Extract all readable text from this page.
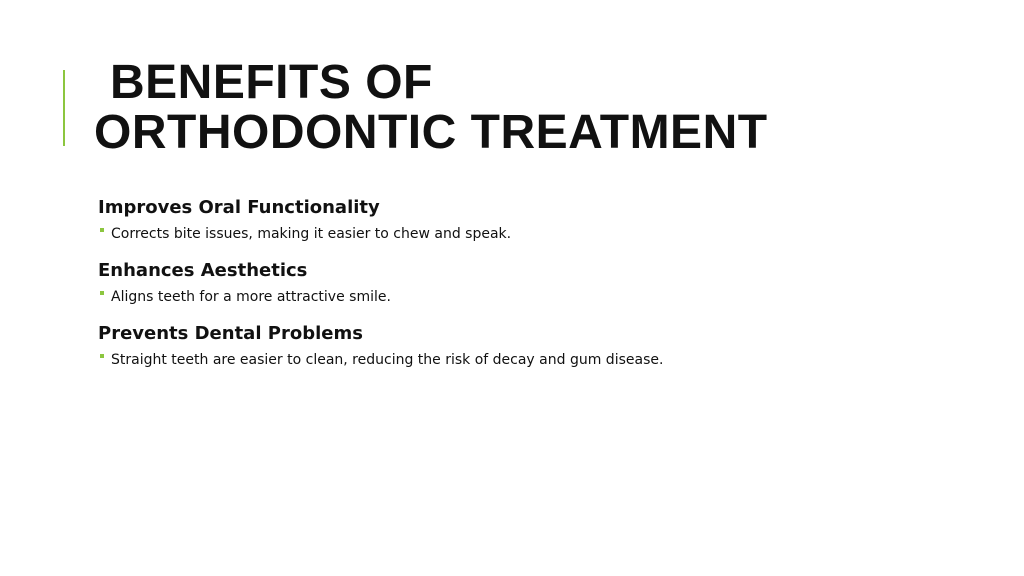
BENEFITS OF
ORTHODONTIC TREATMENT

Improves Oral Functionality

Corrects bite issues, making it easier to chew and speak.

Enhances Aesthetics

Aligns teeth for a more attractive smile.

Prevents Dental Problems

Straight teeth are easier to clean, reducing the risk of decay and gum disease.
